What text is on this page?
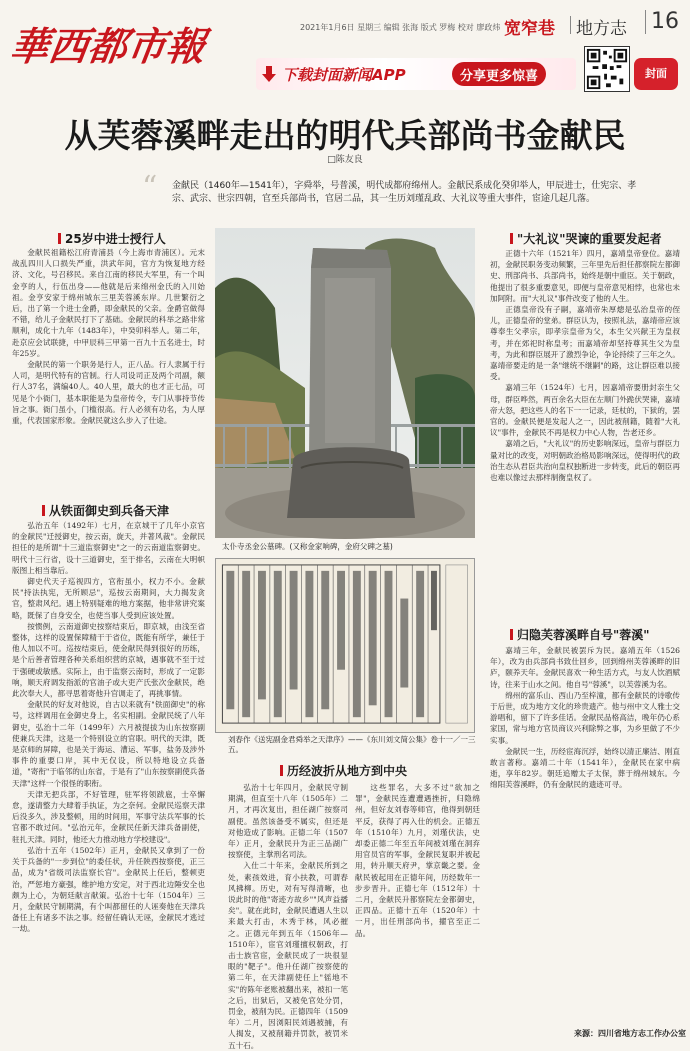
華西都市報	2021年1月6日 星期三 编辑 张海 版式 罗梅 校对 廖政炜 宽窄巷 地方志 16
下载封面新闻APP	分享更多惊喜	封面
从芙蓉溪畔走出的明代兵部尚书金献民
□陈友良
“ 金献民（1460年—1541年），字舜举，号普溪，明代成都府绵州人。金献民系成化癸卯举人，甲辰进士，仕宪宗、孝宗、武宗、世宗四朝，官至兵部尚书，官居二品，其一生历刘瑾乱政、大礼议等重大事件，宦途几起几落。
25岁中进士授行人

金献民祖籍松江府青浦县（今上海市青浦区）。元末战乱四川人口损失严重，洪武年间，官方为恢复地方经济、文化，号召移民。来自江南的移民大军里，有一个叫金亨的人，行伍出身——他就是后来绵州金氏的入川始祖。金亨安家于绵州城东三里芙蓉溪东岸。几世繁衍之后，出了第一个进士金爵，即金献民的父亲。金爵官做得不错，给儿子金献民打下了基础。金献民的科举之路非常顺利，成化十九年（1483年），中癸卯科举人。第二年，赴京应会试联捷，中甲辰科三甲第一百九十五名进士，时年25岁。

金献民的第一个职务是行人，正八品。行人隶属于行人司，是明代特有的官制。行人司设司正及两个司副，额行人37名，满编40人。40人里，最大的也才正七品，可见是个小衙门，基本职能是为皇帝传令，专门从事持节传旨之事。衙门虽小，门槛很高。行人必须有功名，为人厚重，代表国家形象。金献民就这么步入了仕途。

从铁面御史到兵备天津

弘治五年（1492年）七月，在京城干了几年小京官的金献民"迁授御史，按云南，旋天，并著风裁"。金献民担任的是所谓"十三道监察御史"之一的云南道监察御史。明代十三行省，设十三道御史，至于排名，云南在大明帜版图上相当靠后。

御史代天子巡视四方，官衔虽小，权力不小。金献民"持法执宪，无所顾忌"，巡按云南期间，大力揭发贪官，整肃风纪。遇上特别疑难的地方案据，他非常讲究案略，既保了自身安全，也使当事人受到应该处置。

按惯例，云南道御史按察结束后，即京城，由浅至省整体，这样的设置保障精干于省位，既能有所学，兼任于他人加以不可。巡按结束后，使金献民得到很好的历练，是个后善者管理各种关系组织营的京城，遇事就不至于过于强硬或敏感。实际上，由于监察云南时，形成了一定影响，顺天府调发指派的官油子或大吏产氏张次金献民，绝此次奉大人，都寻思着寄他升官调走了，再挑事情。

金献民的好友对他说，自古以来就有"铁面御史"的称号，这样调用在金御史身上，名实相副。金献民统了八年御史，弘治十二年（1499年）六月被提拔为山东按察副使兼兵天津，这是一个特别设立的官职。明代的天津，既是京师的屏障，也是关于海运、漕运、军事，盐务及涉外事件的重要口岸，其中无仅设，所以特地设立兵备道，"寄衔"于临邻的山东省，于是有了"山东按察副使兵备天津"这样一个很怪的职衔。

天津无把兵部，不好管理，驻军将领跋扈，士卒懈怠，遂请整力大肆着手执证，为之奈何。金献民巡察天津后没多久，涉及整顿，用的时间用，军事守法兵军事的长官都不敢过问。"弘治元年，金献民任新天津兵备副使，驻扎天津。同时，他还大力推动地方学校建设"。

弘治十五年（1502年）正月，金献民又拿到了一份关于兵备的"一步到位"的委任状，升任陕西按察使，正三品，成为"省级司法监察长官"。金献民上任后，整顿吏治，严惩地方豪强，维护地方安定，对于西北边陲安全也颇为上心，为朝廷献言献策。弘治十七年（1504年）三月，金献民守制期满，有个叫都留任的人诬奏他在天津兵备任上有诸多不法之事。经留任确认无诬，金献民才逃过一劫。

太仆寺丞金公墓碑。(又称金家响碑，金府父碑之墓)
刘春作《送宪副金君舜举之天津序》——《东川刘文简公集》卷十一／一三五。
历经波折从地方到中央

弘治十七年四月，金献民守制期满，但直至十八年（1505年）二月，才再次复出，担任湖广按察司副使。虽然该备受不属实，但还是对他造成了影响。正德二年（1507年）正月，金献民升为正三品湖广按察使，主掌刑名司法。

入仕二十年来，金献民所到之处，素孩效进，育小扶教，可谓春风拂柳。历史，对有写得清晰，也说此时的他"寄迹方故乡""风声益播矣"。就在此时，金献民遭遇人生以来最大打击，木秀于林，风必摧之。正德元年到五年（1506年—1510年），宦官刘瑾擅权朝政，打击士族官宦，金献民成了一块很显眼的"靶子"。他升任湖广按察使的第二年，在天津副使任上"徭地不实"的陈年老账被翻出来，被扣一笔之后，出狱后，又被免官处分罚，罚金，被削为民。正德四年（1509年）二月，因浏阳民刘遇被捕，有人揭发，又被削籍并罚款，被罚米五十石。

这些罪名，大多不过"欲加之罪"，金献民连遭遭遇挫折，归隐绵州，但好友刘春等师官，他得到朝廷平反，获得了再入仕的机会。正德五年（1510年）九月，刘瑾伏法，史却委正德二年至五年间被刘瑾在洞弃用官员官的军事，金献民复职并被起用，转升顺天府尹，掌京畿之要。金献民被起用在正德年间，历经数年一步步晋升。正德七年（1512年）十二月，金献民升都察院左金都御史，正四品。正德十五年（1520年）十一月，出任刑部尚书，擢官至正二品。

"大礼议"哭谏的重要发起者

正德十六年（1521年）四月，嘉靖皇帝登位。嘉靖初，金献民职务变动频繁，三年里先后担任都察院左都御史、刑部尚书、兵部尚书，始终是朝中重臣。关于朝政，他提出了很多重要意见，即便与皇帝意见相悖，也常也未加阿附。而"大礼议"事件改变了他的人生。

正德皇帝没有子嗣，嘉靖帝朱厚熜是弘治皇帝的侄儿，正德皇帝的堂弟。群臣认为，按照礼法，嘉靖帝应该尊奉生父孝宗，即孝宗皇帝为父，本生父兴献王为皇叔考，并在郊祀时称皇考；而嘉靖帝却坚持尊其生父为皇考，为此和群臣展开了激烈争论，争论持续了三年之久。嘉靖帝要走的是一条"继统不继嗣"的路，这让群臣难以接受。

嘉靖三年（1524年）七月，因嘉靖帝要册封亲生父母，群臣哗然，两百余名大臣在左顺门外跪伏哭谏，嘉靖帝大怒，把这些人的名下一一记录，廷杖的，下狱的，罢官的。金献民便是发起人之一，因此被削籍，随着"大礼议"事件，金献民不再是权力中心人物，告老还乡。

嘉靖之后，"大礼议"的历史影响深远，皇帝与群臣力量对比的改变，对明朝政治格局影响深远，使得明代的政治生态从君臣共治向皇权独断进一步转变，此后的朝臣再也难以像过去那样制衡皇权了。

归隐芙蓉溪畔自号"蓉溪"

嘉靖三年，金献民被罢斥为民。嘉靖五年（1526年），改为由兵部尚书致仕回乡，回到绵州芙蓉溪畔的旧庐，颐养天年。金献民喜欢一种生活方式，与友人饮酒赋诗，往来于山水之间。他自号"蓉溪"，以芙蓉溪为名。

绵州的富乐山、西山乃至梓潼，都有金献民的诗歌传于后世，成为地方文化的珍贵遗产。他与州中文人雅士交游唱和，留下了许多佳话。金献民品格高洁，晚年仍心系家国，常与地方官员商议兴利除弊之事，为乡里做了不少实事。

金献民一生，历经宦海沉浮，始终以清正廉洁、刚直敢言著称。嘉靖二十年（1541年），金献民在家中病逝，享年82岁。朝廷追赠太子太保，葬于绵州城东。今绵阳芙蓉溪畔，仍有金献民的遗迹可寻。

来源：四川省地方志工作办公室
